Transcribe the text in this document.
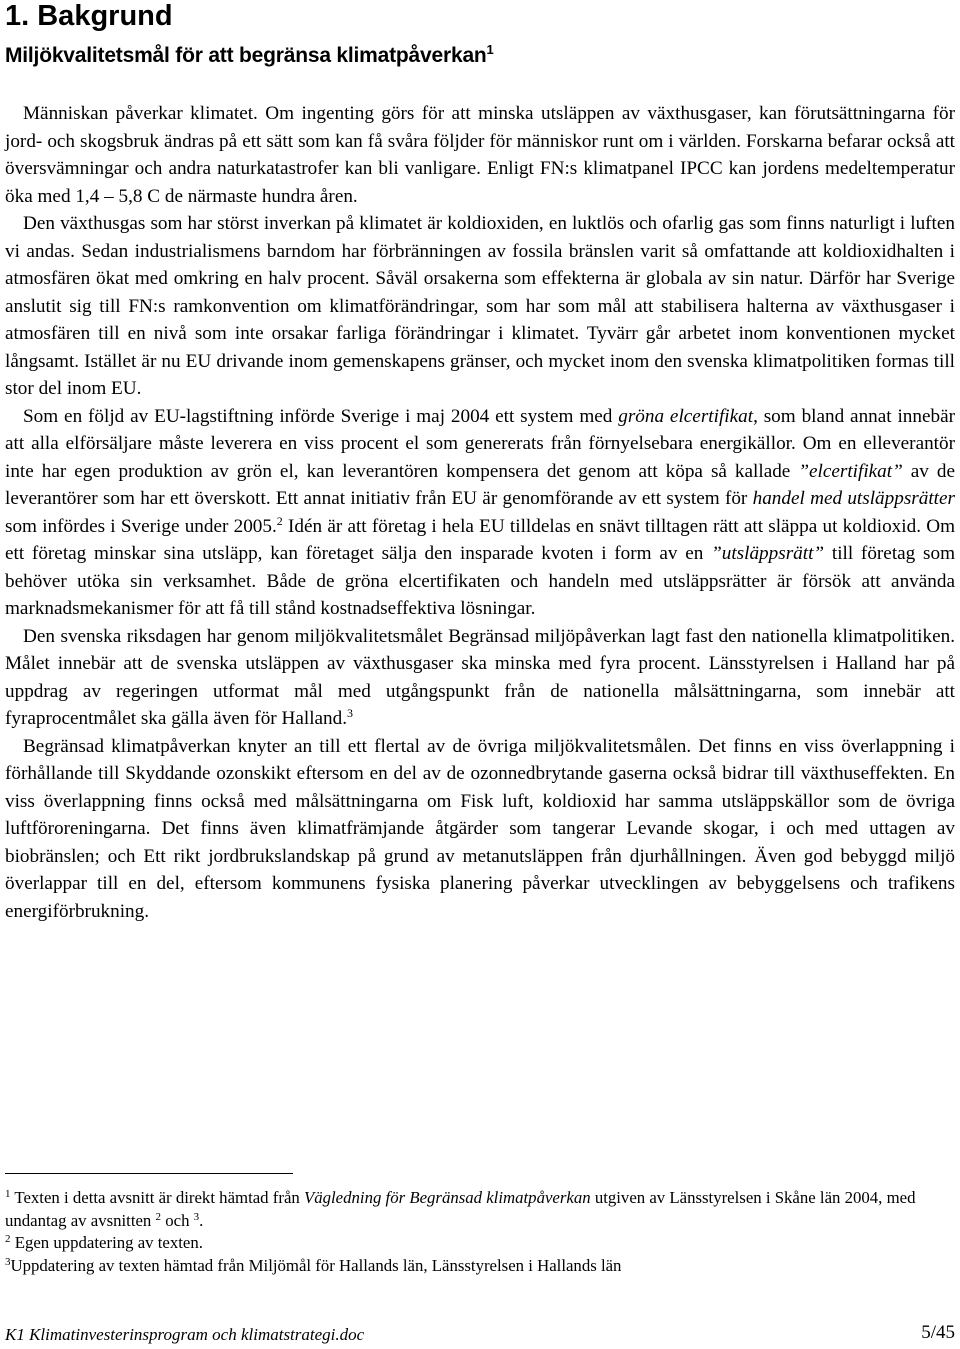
1. Bakgrund
Miljökvalitetsmål för att begränsa klimatpåverkan$^1$

Människan påverkar klimatet. Om ingenting görs för att minska utsläppen av växthusgaser, kan förutsättningarna för jord- och skogsbruk ändras på ett sätt som kan få svåra följder för människor runt om i världen. Forskarna befarar också att översvämningar och andra naturkatastrofer kan bli vanligare. Enligt FN:s klimatpanel IPCC kan jordens medeltemperatur öka med 1,4 – 5,8 C de närmaste hundra åren.

Den växthusgas som har störst inverkan på klimatet är koldioxiden, en luktlös och ofarlig gas som finns naturligt i luften vi andas. Sedan industrialismens barndom har förbränningen av fossila bränslen varit så omfattande att koldioxidhalten i atmosfären ökat med omkring en halv procent. Såväl orsakerna som effekterna är globala av sin natur. Därför har Sverige anslutit sig till FN:s ramkonvention om klimatförändringar, som har som mål att stabilisera halterna av växthusgaser i atmosfären till en nivå som inte orsakar farliga förändringar i klimatet. Tyvärr går arbetet inom konventionen mycket långsamt. Istället är nu EU drivande inom gemenskapens gränser, och mycket inom den svenska klimatpolitiken formas till stor del inom EU.

Som en följd av EU-lagstiftning införde Sverige i maj 2004 ett system med gröna elcertifikat, som bland annat innebär att alla elförsäljare måste leverera en viss procent el som genererats från förnyelsebara energikällor. Om en elleverantör inte har egen produktion av grön el, kan leverantören kompensera det genom att köpa så kallade ”elcertifikat” av de leverantörer som har ett överskott. Ett annat initiativ från EU är genomförande av ett system för handel med utsläppsrätter som infördes i Sverige under 2005.$^2$ Idén är att företag i hela EU tilldelas en snävt tilltagen rätt att släppa ut koldioxid. Om ett företag minskar sina utsläpp, kan företaget sälja den insparade kvoten i form av en ”utsläppsrätt” till företag som behöver utöka sin verksamhet. Både de gröna elcertifikaten och handeln med utsläppsrätter är försök att använda marknadsmekanismer för att få till stånd kostnadseffektiva lösningar.

Den svenska riksdagen har genom miljökvalitetsmålet Begränsad miljöpåverkan lagt fast den nationella klimatpolitiken. Målet innebär att de svenska utsläppen av växthusgaser ska minska med fyra procent. Länsstyrelsen i Halland har på uppdrag av regeringen utformat mål med utgångspunkt från de nationella målsättningarna, som innebär att fyraprocentmålet ska gälla även för Halland.$^3$

Begränsad klimatpåverkan knyter an till ett flertal av de övriga miljökvalitetsmålen. Det finns en viss överlappning i förhållande till Skyddande ozonskikt eftersom en del av de ozonnedbrytande gaserna också bidrar till växthuseffekten. En viss överlappning finns också med målsättningarna om Fisk luft, koldioxid har samma utsläppskällor som de övriga luftföroreningarna. Det finns även klimatfrämjande åtgärder som tangerar Levande skogar, i och med uttagen av biobränslen; och Ett rikt jordbrukslandskap på grund av metanutsläppen från djurhållningen. Även god bebyggd miljö överlappar till en del, eftersom kommunens fysiska planering påverkar utvecklingen av bebyggelsens och trafikens energiförbrukning.

$^1$ Texten i detta avsnitt är direkt hämtad från Vägledning för Begränsad klimatpåverkan utgiven av Länsstyrelsen i Skåne län 2004, med undantag av avsnitten $^2$ och $^3$.

$^2$ Egen uppdatering av texten.

$^3$Uppdatering av texten hämtad från Miljömål för Hallands län, Länsstyrelsen i Hallands län

K1 Klimatinvesterinsprogram och klimatstrategi.doc	5/45
